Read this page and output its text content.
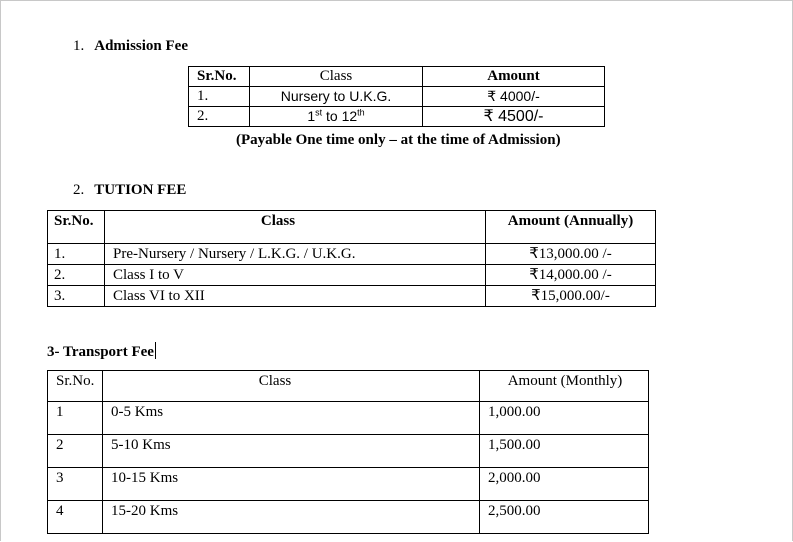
1. Admission Fee
Sr.No.	Class	Amount
1.	Nursery to U.K.G.	₹ 4000/-
2.	1st to 12th	₹ 4500/-
(Payable One time only – at the time of Admission)
2. TUTION FEE
Sr.No.	Class	Amount (Annually)
1.	Pre-Nursery / Nursery / L.K.G. / U.K.G.	₹13,000.00 /-
2.	Class I to V	₹14,000.00 /-
3.	Class VI to XII	₹15,000.00/-
3- Transport Fee
Sr.No.	Class	Amount (Monthly)
1	0-5 Kms	1,000.00
2	5-10 Kms	1,500.00
3	10-15 Kms	2,000.00
4	15-20 Kms	2,500.00
